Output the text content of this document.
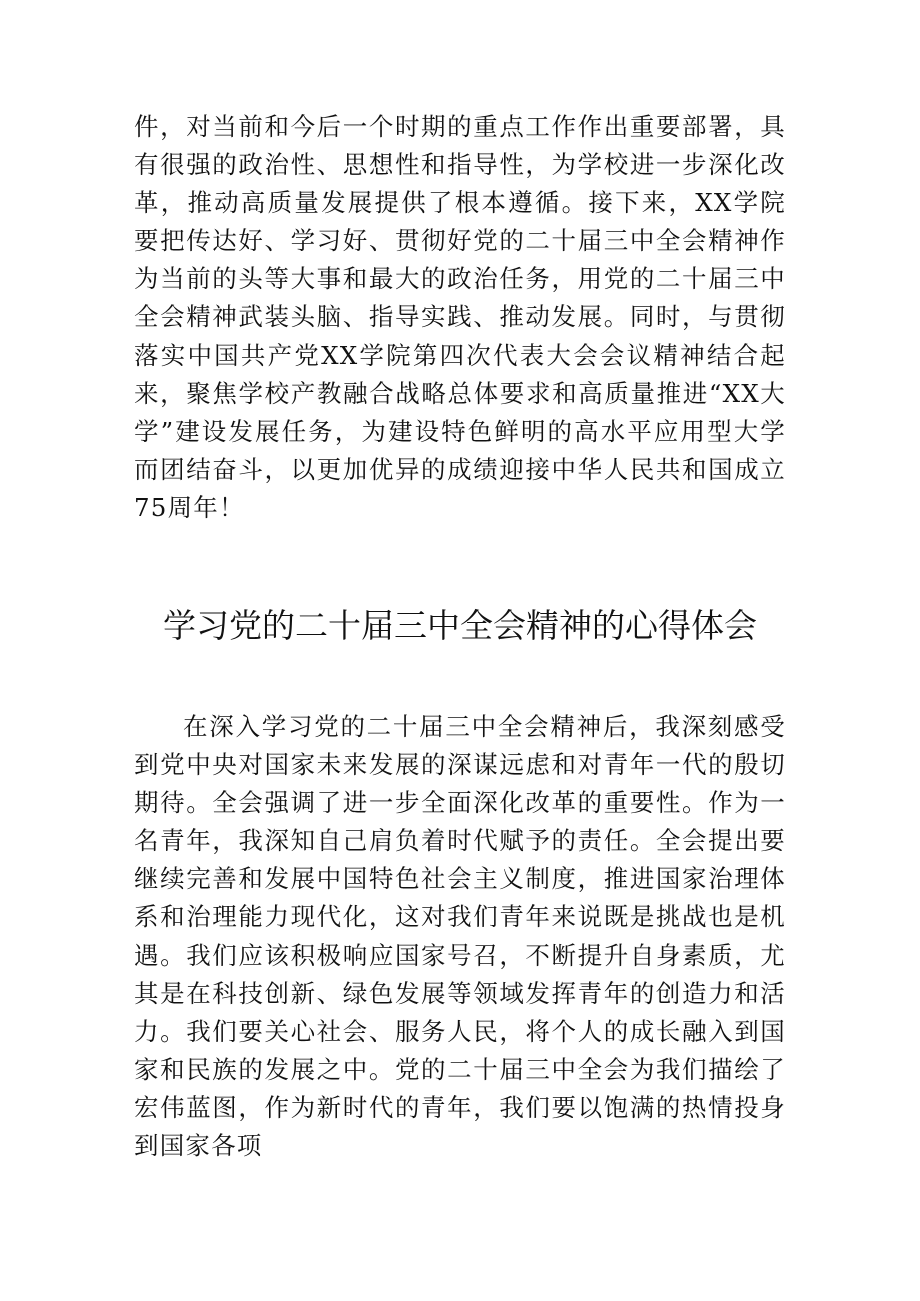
件，对当前和今后一个时期的重点工作作出重要部署，具有很强的政治性、思想性和指导性，为学校进一步深化改革，推动高质量发展提供了根本遵循。接下来，XX学院要把传达好、学习好、贯彻好党的二十届三中全会精神作为当前的头等大事和最大的政治任务，用党的二十届三中全会精神武装头脑、指导实践、推动发展。同时，与贯彻落实中国共产党XX学院第四次代表大会会议精神结合起来，聚焦学校产教融合战略总体要求和高质量推进“XX大学”建设发展任务，为建设特色鲜明的高水平应用型大学而团结奋斗，以更加优异的成绩迎接中华人民共和国成立75周年！

学习党的二十届三中全会精神的心得体会

在深入学习党的二十届三中全会精神后，我深刻感受到党中央对国家未来发展的深谋远虑和对青年一代的殷切期待。全会强调了进一步全面深化改革的重要性。作为一名青年，我深知自己肩负着时代赋予的责任。全会提出要继续完善和发展中国特色社会主义制度，推进国家治理体系和治理能力现代化，这对我们青年来说既是挑战也是机遇。我们应该积极响应国家号召，不断提升自身素质，尤其是在科技创新、绿色发展等领域发挥青年的创造力和活力。我们要关心社会、服务人民，将个人的成长融入到国家和民族的发展之中。党的二十届三中全会为我们描绘了宏伟蓝图，作为新时代的青年，我们要以饱满的热情投身到国家各项
